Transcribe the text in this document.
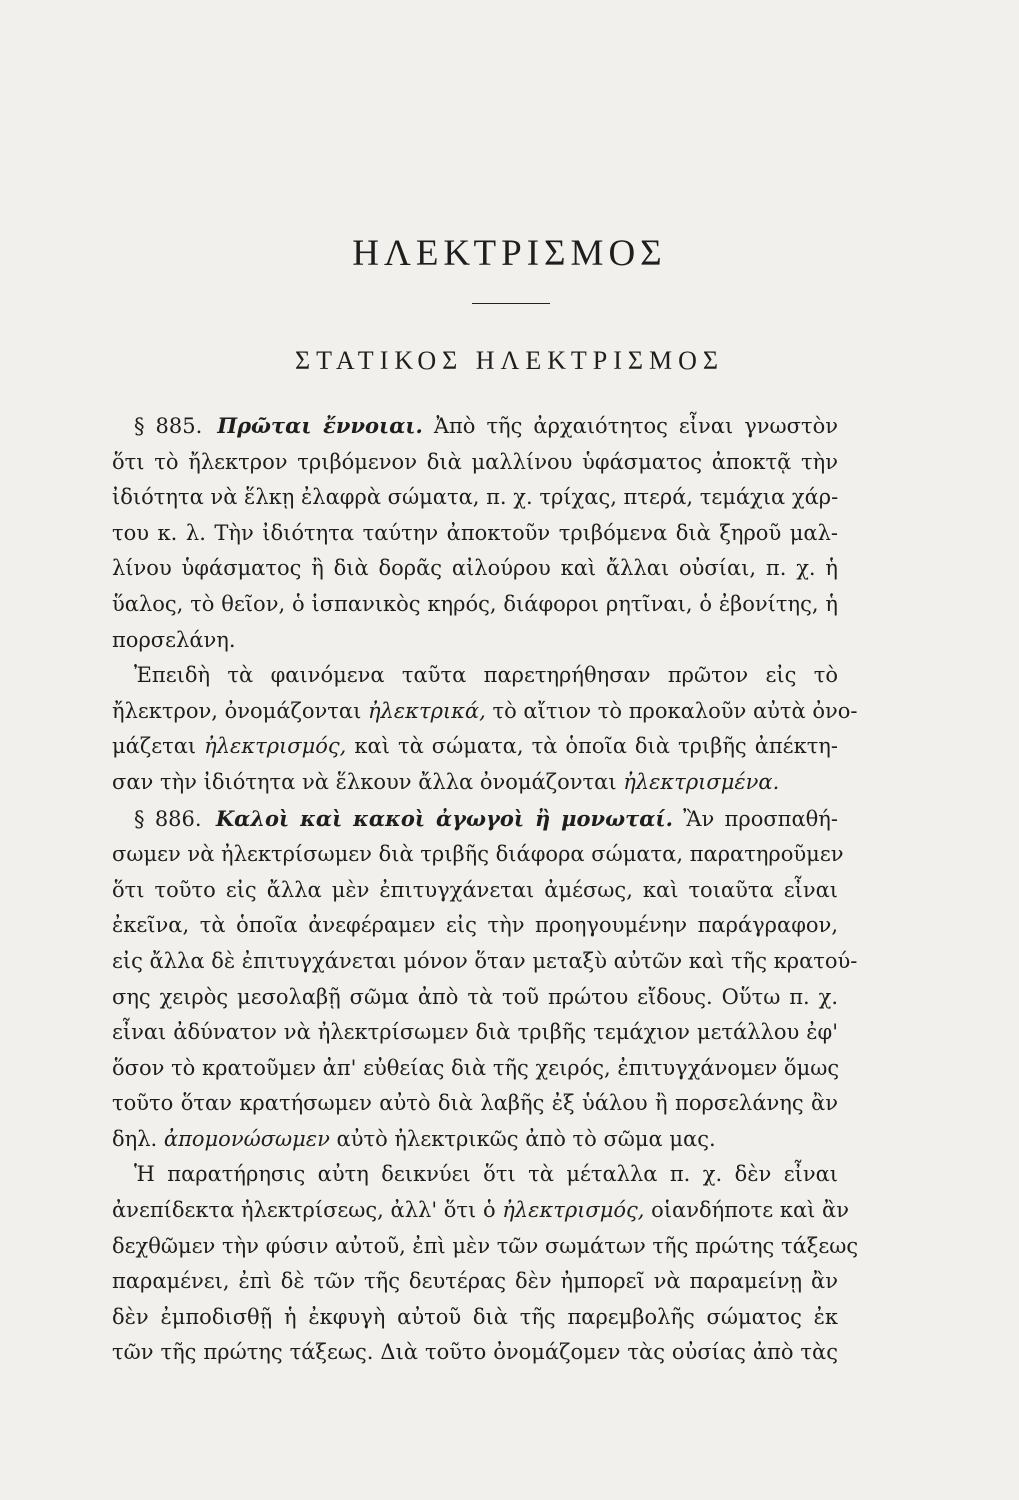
ΗΛΕΚΤΡΙΣΜΟΣ
ΣΤΑΤΙΚΟΣ ΗΛΕΚΤΡΙΣΜΟΣ
§ 885. Πρῶται ἔννοιαι. Ἀπὸ τῆς ἀρχαιότητος εἶναι γνωστὸν
ὅτι τὸ ἤλεκτρον τριβόμενον διὰ μαλλίνου ὑφάσματος ἀποκτᾷ τὴν
ἰδιότητα νὰ ἕλκῃ ἐλαφρὰ σώματα, π. χ. τρίχας, πτερά, τεμάχια χάρ-
του κ. λ. Τὴν ἰδιότητα ταύτην ἀποκτοῦν τριβόμενα διὰ ξηροῦ μαλ-
λίνου ὑφάσματος ἢ διὰ δορᾶς αἰλούρου καὶ ἄλλαι οὐσίαι, π. χ. ἡ
ὕαλος, τὸ θεῖον, ὁ ἱσπανικὸς κηρός, διάφοροι ρητῖναι, ὁ ἐβονίτης, ἡ
πορσελάνη.
Ἐπειδὴ τὰ φαινόμενα ταῦτα παρετηρήθησαν πρῶτον εἰς τὸ
ἤλεκτρον, ὀνομάζονται ἠλεκτρικά, τὸ αἴτιον τὸ προκαλοῦν αὐτὰ ὀνο-
μάζεται ἠλεκτρισμός, καὶ τὰ σώματα, τὰ ὁποῖα διὰ τριβῆς ἀπέκτη-
σαν τὴν ἰδιότητα νὰ ἕλκουν ἄλλα ὀνομάζονται ἠλεκτρισμένα.
§ 886. Καλοὶ καὶ κακοὶ ἀγωγοὶ ἢ μονωταί. Ἂν προσπαθή-
σωμεν νὰ ἠλεκτρίσωμεν διὰ τριβῆς διάφορα σώματα, παρατηροῦμεν
ὅτι τοῦτο εἰς ἄλλα μὲν ἐπιτυγχάνεται ἀμέσως, καὶ τοιαῦτα εἶναι
ἐκεῖνα, τὰ ὁποῖα ἀνεφέραμεν εἰς τὴν προηγουμένην παράγραφον,
εἰς ἄλλα δὲ ἐπιτυγχάνεται μόνον ὅταν μεταξὺ αὐτῶν καὶ τῆς κρατού-
σης χειρὸς μεσολαβῇ σῶμα ἀπὸ τὰ τοῦ πρώτου εἴδους. Οὕτω π. χ.
εἶναι ἀδύνατον νὰ ἠλεκτρίσωμεν διὰ τριβῆς τεμάχιον μετάλλου ἐφ'
ὅσον τὸ κρατοῦμεν ἀπ' εὐθείας διὰ τῆς χειρός, ἐπιτυγχάνομεν ὅμως
τοῦτο ὅταν κρατήσωμεν αὐτὸ διὰ λαβῆς ἐξ ὑάλου ἢ πορσελάνης ἂν
δηλ. ἀπομονώσωμεν αὐτὸ ἠλεκτρικῶς ἀπὸ τὸ σῶμα μας.
Ἡ παρατήρησις αὐτη δεικνύει ὅτι τὰ μέταλλα π. χ. δὲν εἶναι
ἀνεπίδεκτα ἠλεκτρίσεως, ἀλλ' ὅτι ὁ ἠλεκτρισμός, οἱανδήποτε καὶ ἂν
δεχθῶμεν τὴν φύσιν αὐτοῦ, ἐπὶ μὲν τῶν σωμάτων τῆς πρώτης τάξεως
παραμένει, ἐπὶ δὲ τῶν τῆς δευτέρας δὲν ἠμπορεῖ νὰ παραμείνῃ ἂν
δὲν ἐμποδισθῇ ἡ ἐκφυγὴ αὐτοῦ διὰ τῆς παρεμβολῆς σώματος ἐκ
τῶν τῆς πρώτης τάξεως. Διὰ τοῦτο ὀνομάζομεν τὰς οὐσίας ἀπὸ τὰς
